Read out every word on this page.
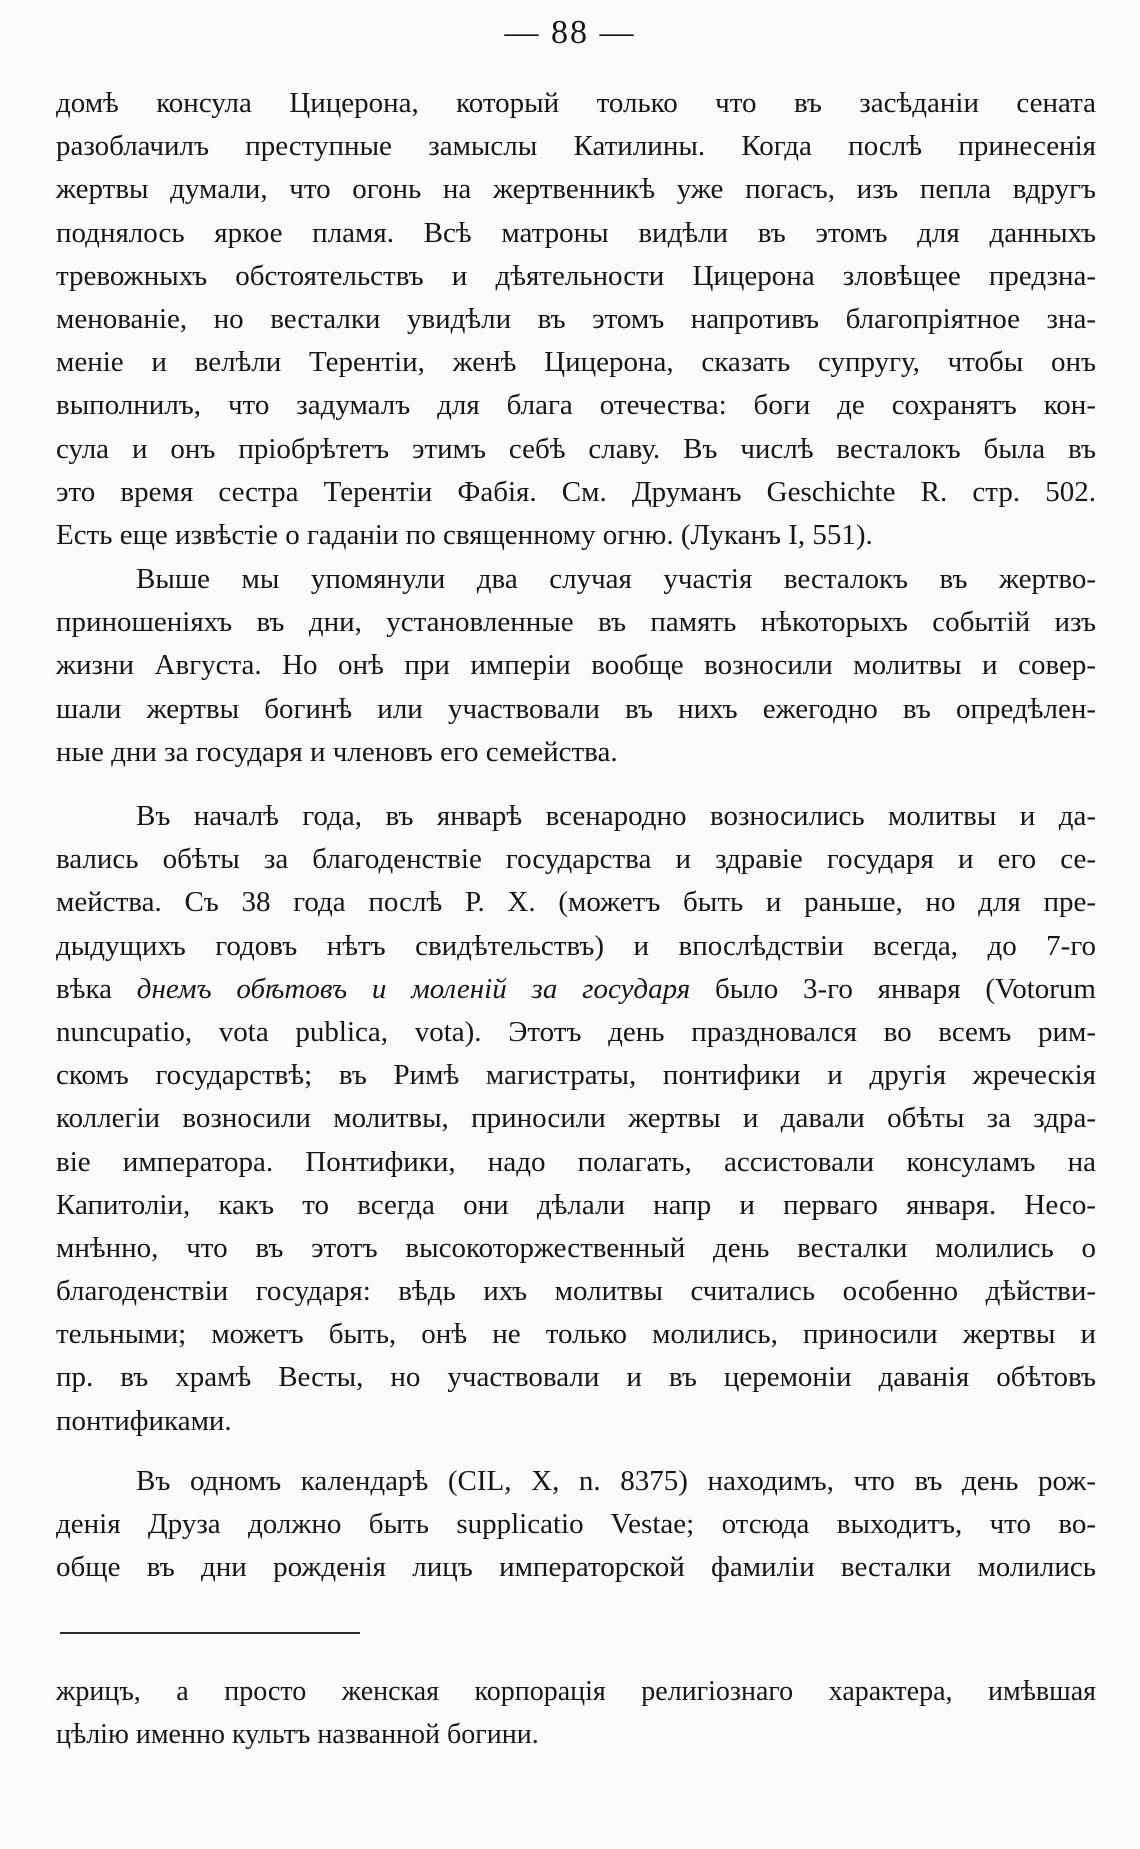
— 88 —
домѣ консула Цицерона, который только что въ засѣданіи сената
разоблачилъ преступные замыслы Катилины. Когда послѣ принесенія
жертвы думали, что огонь на жертвенникѣ уже погасъ, изъ пепла вдругъ
поднялось яркое пламя. Всѣ матроны видѣли въ этомъ для данныхъ
тревожныхъ обстоятельствъ и дѣятельности Цицерона зловѣщее предзна-
менованіе, но весталки увидѣли въ этомъ напротивъ благопріятное зна-
меніе и велѣли Терентіи, женѣ Цицерона, сказать супругу, чтобы онъ
выполнилъ, что задумалъ для блага отечества: боги де сохранятъ кон-
сула и онъ пріобрѣтетъ этимъ себѣ славу. Въ числѣ весталокъ была въ
это время сестра Терентіи Фабія. См. Друманъ Geschichte R. стр. 502.
Есть еще извѣстіе о гаданіи по священному огню. (Луканъ I, 551).
Выше мы упомянули два случая участія весталокъ въ жертво-
приношеніяхъ въ дни, установленные въ память нѣкоторыхъ событій изъ
жизни Августа. Но онѣ при имперіи вообще возносили молитвы и совер-
шали жертвы богинѣ или участвовали въ нихъ ежегодно въ опредѣлен-
ные дни за государя и членовъ его семейства.
Въ началѣ года, въ январѣ всенародно возносились молитвы и да-
вались обѣты за благоденствіе государства и здравіе государя и его се-
мейства. Съ 38 года послѣ Р. Х. (можетъ быть и раньше, но для пре-
дыдущихъ годовъ нѣтъ свидѣтельствъ) и впослѣдствіи всегда, до 7-го
вѣка днемъ обѣтовъ и моленій за государя было 3-го января (Votorum
nuncupatio, vota publica, vota). Этотъ день праздновался во всемъ рим-
скомъ государствѣ; въ Римѣ магистраты, понтифики и другія жреческія
коллегіи возносили молитвы, приносили жертвы и давали обѣты за здра-
віе императора. Понтифики, надо полагать, ассистовали консуламъ на
Капитоліи, какъ то всегда они дѣлали напр и перваго января. Несо-
мнѣнно, что въ этотъ высокоторжественный день весталки молились о
благоденствіи государя: вѣдь ихъ молитвы считались особенно дѣйстви-
тельными; можетъ быть, онѣ не только молились, приносили жертвы и
пр. въ храмѣ Весты, но участвовали и въ церемоніи даванія обѣтовъ
понтификами.
Въ одномъ календарѣ (CIL, X, n. 8375) находимъ, что въ день рож-
денія Друза должно быть supplicatio Vestae; отсюда выходитъ, что во-
обще въ дни рожденія лицъ императорской фамиліи весталки молились
жрицъ, а просто женская корпорація религіознаго характера, имѣвшая
цѣлію именно культъ названной богини.
